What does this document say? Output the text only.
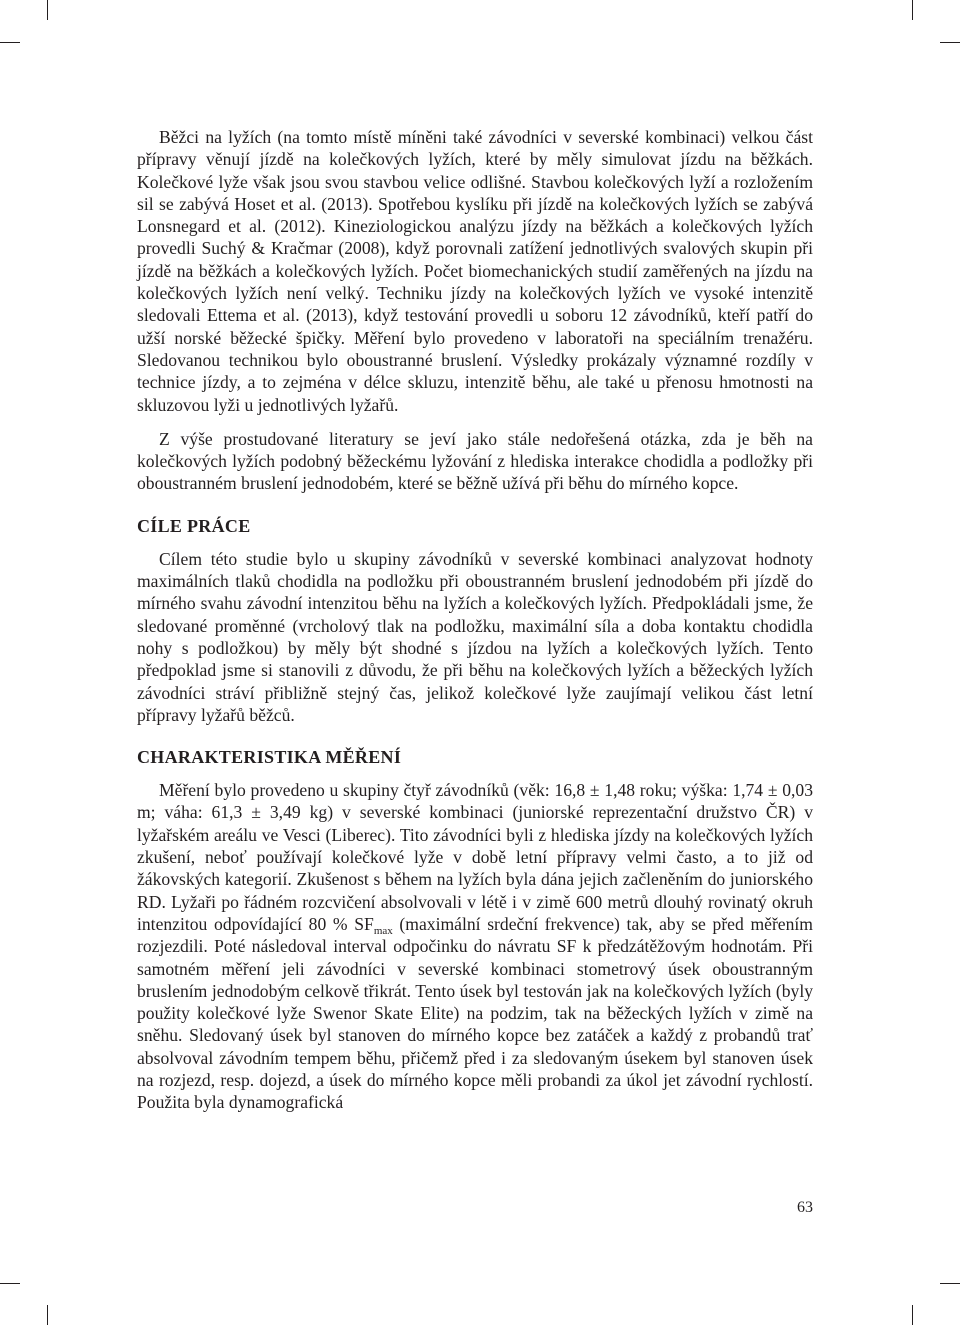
Běžci na lyžích (na tomto místě míněni také závodníci v severské kombinaci) velkou část přípravy věnují jízdě na kolečkových lyžích, které by měly simulovat jízdu na běžkách. Kolečkové lyže však jsou svou stavbou velice odlišné. Stavbou kolečkových lyží a rozložením sil se zabývá Hoset et al. (2013). Spotřebou kyslíku při jízdě na kolečkových lyžích se zabývá Lonsnegard et al. (2012). Kineziologickou analýzu jízdy na běžkách a kolečkových lyžích provedli Suchý & Kračmar (2008), když porovnali zatížení jednotlivých svalových skupin při jízdě na běžkách a kolečkových lyžích. Počet biomechanických studií zaměřených na jízdu na kolečkových lyžích není velký. Techniku jízdy na kolečkových lyžích ve vysoké intenzitě sledovali Ettema et al. (2013), když testování provedli u soboru 12 závodníků, kteří patří do užší norské běžecké špičky. Měření bylo provedeno v laboratoři na speciálním trenažéru. Sledovanou technikou bylo oboustranné bruslení. Výsledky prokázaly významné rozdíly v technice jízdy, a to zejména v délce skluzu, intenzitě běhu, ale také u přenosu hmotnosti na skluzovou lyži u jednotlivých lyžařů.

Z výše prostudované literatury se jeví jako stále nedořešená otázka, zda je běh na kolečkových lyžích podobný běžeckému lyžování z hlediska interakce chodidla a podložky při oboustranném bruslení jednodobém, které se běžně užívá při běhu do mírného kopce.

CÍLE PRÁCE

Cílem této studie bylo u skupiny závodníků v severské kombinaci analyzovat hodnoty maximálních tlaků chodidla na podložku při oboustranném bruslení jednodobém při jízdě do mírného svahu závodní intenzitou běhu na lyžích a kolečkových lyžích. Předpokládali jsme, že sledované proměnné (vrcholový tlak na podložku, maximální síla a doba kontaktu chodidla nohy s podložkou) by měly být shodné s jízdou na lyžích a kolečkových lyžích. Tento předpoklad jsme si stanovili z důvodu, že při běhu na kolečkových lyžích a běžeckých lyžích závodníci stráví přibližně stejný čas, jelikož kolečkové lyže zaujímají velikou část letní přípravy lyžařů běžců.

CHARAKTERISTIKA MĚŘENÍ

Měření bylo provedeno u skupiny čtyř závodníků (věk: 16,8 ± 1,48 roku; výška: 1,74 ± 0,03 m; váha: 61,3 ± 3,49 kg) v severské kombinaci (juniorské reprezentační družstvo ČR) v lyžařském areálu ve Vesci (Liberec). Tito závodníci byli z hlediska jízdy na kolečkových lyžích zkušení, neboť používají kolečkové lyže v době letní přípravy velmi často, a to již od žákovských kategorií. Zkušenost s během na lyžích byla dána jejich začleněním do juniorského RD. Lyžaři po řádném rozcvičení absolvovali v létě i v zimě 600 metrů dlouhý rovinatý okruh intenzitou odpovídající 80 % $SF_{max}$ (maximální srdeční frekvence) tak, aby se před měřením rozjezdili. Poté následoval interval odpočinku do návratu SF k předzátěžovým hodnotám. Při samotném měření jeli závodníci v severské kombinaci stometrový úsek oboustranným bruslením jednodobým celkově třikrát. Tento úsek byl testován jak na kolečkových lyžích (byly použity kolečkové lyže Swenor Skate Elite) na podzim, tak na běžeckých lyžích v zimě na sněhu. Sledovaný úsek byl stanoven do mírného kopce bez zatáček a každý z probandů trať absolvoval závodním tempem běhu, přičemž před i za sledovaným úsekem byl stanoven úsek na rozjezd, resp. dojezd, a úsek do mírného kopce měli probandi za úkol jet závodní rychlostí. Použita byla dynamografická

63
